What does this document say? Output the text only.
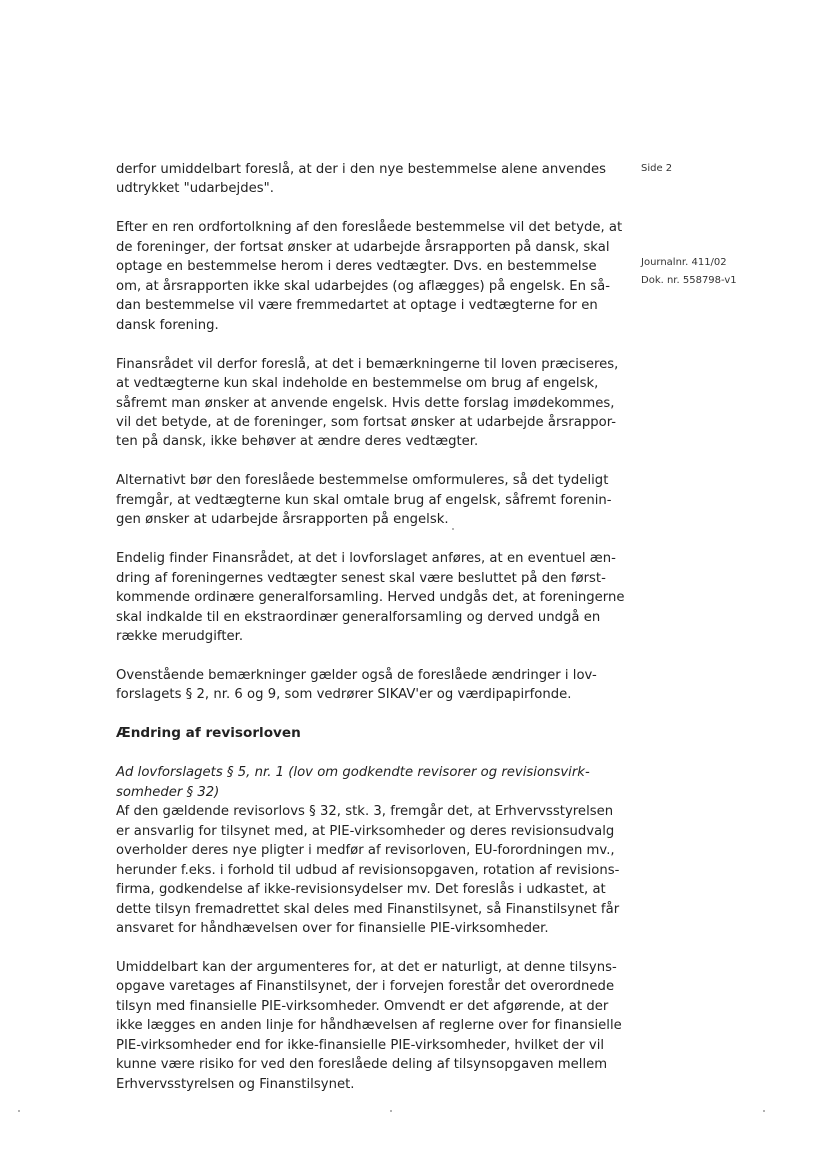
Side 2
Journalnr. 411/02
Dok. nr. 558798-v1
derfor umiddelbart foreslå, at der i den nye bestemmelse alene anvendes
udtrykket "udarbejdes".
Efter en ren ordfortolkning af den foreslåede bestemmelse vil det betyde, at
de foreninger, der fortsat ønsker at udarbejde årsrapporten på dansk, skal
optage en bestemmelse herom i deres vedtægter. Dvs. en bestemmelse
om, at årsrapporten ikke skal udarbejdes (og aflægges) på engelsk. En så-
dan bestemmelse vil være fremmedartet at optage i vedtægterne for en
dansk forening.
Finansrådet vil derfor foreslå, at det i bemærkningerne til loven præciseres,
at vedtægterne kun skal indeholde en bestemmelse om brug af engelsk,
såfremt man ønsker at anvende engelsk. Hvis dette forslag imødekommes,
vil det betyde, at de foreninger, som fortsat ønsker at udarbejde årsrappor-
ten på dansk, ikke behøver at ændre deres vedtægter.
Alternativt bør den foreslåede bestemmelse omformuleres, så det tydeligt
fremgår, at vedtægterne kun skal omtale brug af engelsk, såfremt forenin-
gen ønsker at udarbejde årsrapporten på engelsk.
Endelig finder Finansrådet, at det i lovforslaget anføres, at en eventuel æn-
dring af foreningernes vedtægter senest skal være besluttet på den først-
kommende ordinære generalforsamling. Herved undgås det, at foreningerne
skal indkalde til en ekstraordinær generalforsamling og derved undgå en
række merudgifter.
Ovenstående bemærkninger gælder også de foreslåede ændringer i lov-
forslagets § 2, nr. 6 og 9, som vedrører SIKAV'er og værdipapirfonde.
Ændring af revisorloven
Ad lovforslagets § 5, nr. 1 (lov om godkendte revisorer og revisionsvirk-
somheder § 32)
Af den gældende revisorlovs § 32, stk. 3, fremgår det, at Erhvervsstyrelsen
er ansvarlig for tilsynet med, at PIE-virksomheder og deres revisionsudvalg
overholder deres nye pligter i medfør af revisorloven, EU-forordningen mv.,
herunder f.eks. i forhold til udbud af revisionsopgaven, rotation af revisions-
firma, godkendelse af ikke-revisionsydelser mv. Det foreslås i udkastet, at
dette tilsyn fremadrettet skal deles med Finanstilsynet, så Finanstilsynet får
ansvaret for håndhævelsen over for finansielle PIE-virksomheder.
Umiddelbart kan der argumenteres for, at det er naturligt, at denne tilsyns-
opgave varetages af Finanstilsynet, der i forvejen forestår det overordnede
tilsyn med finansielle PIE-virksomheder. Omvendt er det afgørende, at der
ikke lægges en anden linje for håndhævelsen af reglerne over for finansielle
PIE-virksomheder end for ikke-finansielle PIE-virksomheder, hvilket der vil
kunne være risiko for ved den foreslåede deling af tilsynsopgaven mellem
Erhvervsstyrelsen og Finanstilsynet.
